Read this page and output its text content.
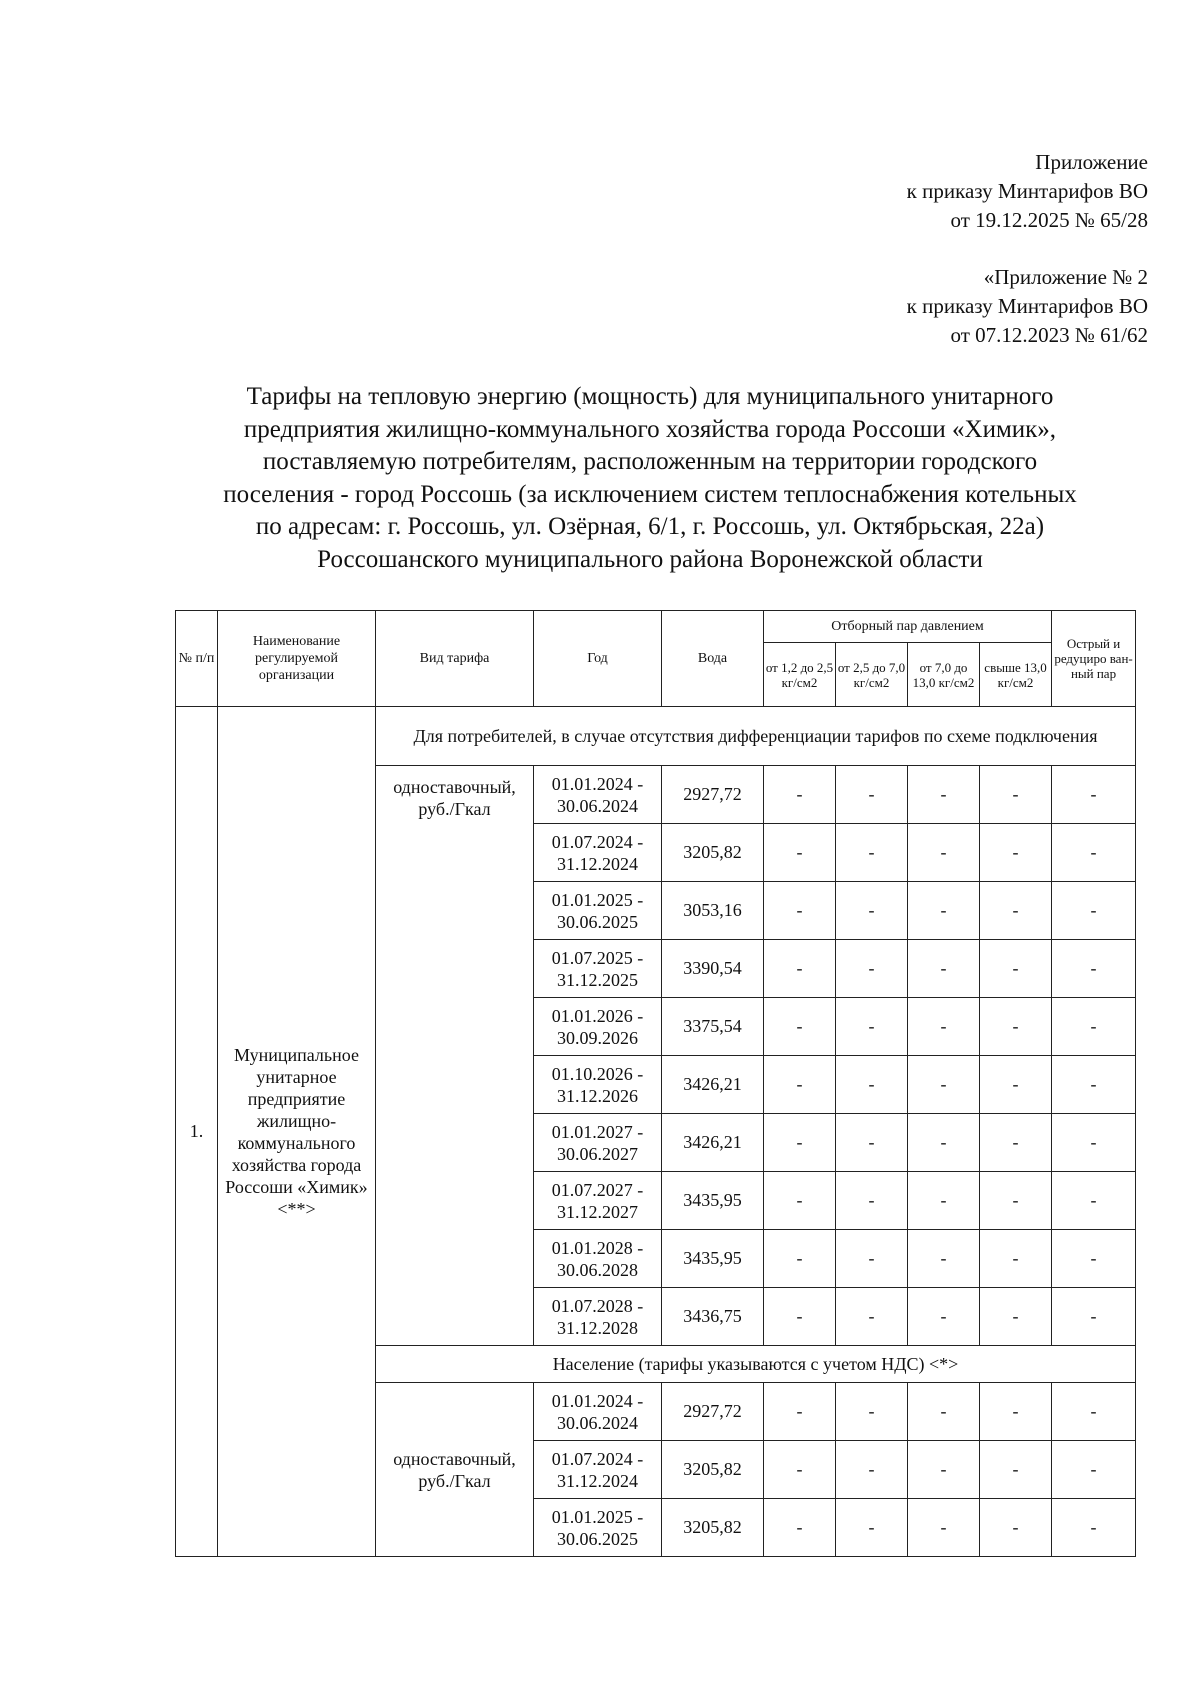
Приложение
к приказу Минтарифов ВО
от 19.12.2025 № 65/28
«Приложение № 2
к приказу Минтарифов ВО
от 07.12.2023 № 61/62
Тарифы на тепловую энергию (мощность) для муниципального унитарного
предприятия жилищно-коммунального хозяйства города Россоши «Химик»,
поставляемую потребителям, расположенным на территории городского
поселения - город Россошь (за исключением систем теплоснабжения котельных
по адресам: г. Россошь, ул. Озёрная, 6/1, г. Россошь, ул. Октябрьская, 22а)
Россошанского муниципального района Воронежской области
№ п/п	Наименование регулируемой организации	Вид тарифа	Год	Вода	Отборный пар давлением				Острый и редуциро ван- ный пар
					от 1,2 до 2,5 кг/см2	от 2,5 до 7,0 кг/см2	от 7,0 до 13,0 кг/см2	свыше 13,0 кг/см2	
1.	Муниципальное унитарное предприятие жилищно-коммунального хозяйства города Россоши «Химик» <**>	Для потребителей, в случае отсутствия дифференциации тарифов по схеме подключения							
		одноставочный, руб./Гкал	01.01.2024 - 30.06.2024	2927,72	-	-	-	-	-
			01.07.2024 - 31.12.2024	3205,82	-	-	-	-	-
			01.01.2025 - 30.06.2025	3053,16	-	-	-	-	-
			01.07.2025 - 31.12.2025	3390,54	-	-	-	-	-
			01.01.2026 - 30.09.2026	3375,54	-	-	-	-	-
			01.10.2026 - 31.12.2026	3426,21	-	-	-	-	-
			01.01.2027 - 30.06.2027	3426,21	-	-	-	-	-
			01.07.2027 - 31.12.2027	3435,95	-	-	-	-	-
			01.01.2028 - 30.06.2028	3435,95	-	-	-	-	-
			01.07.2028 - 31.12.2028	3436,75	-	-	-	-	-
		Население (тарифы указываются с учетом НДС) <*>							
		одноставочный, руб./Гкал	01.01.2024 - 30.06.2024	2927,72	-	-	-	-	-
			01.07.2024 - 31.12.2024	3205,82	-	-	-	-	-
			01.01.2025 - 30.06.2025	3205,82	-	-	-	-	-
